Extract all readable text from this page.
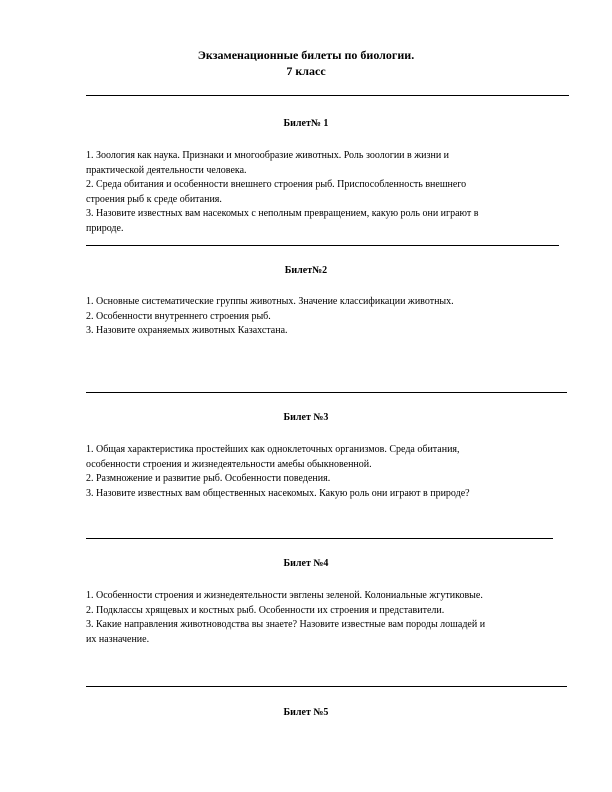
Экзаменационные билеты по биологии.
7 класс
Билет№ 1

1. Зоология как наука. Признаки и многообразие животных. Роль зоологии в жизни и

практической деятельности человека.

2. Среда обитания и особенности внешнего строения рыб. Приспособленность внешнего

строения рыб к среде обитания.

3. Назовите известных вам насекомых с неполным превращением, какую роль они играют в

природе.

Билет№2

1. Основные систематические группы животных. Значение классификации животных.

2. Особенности внутреннего строения рыб.

3. Назовите охраняемых животных Казахстана.

Билет №3

1. Общая характеристика простейших как одноклеточных организмов. Среда обитания,

особенности строения и жизнедеятельности амебы обыкновенной.

2. Размножение и развитие рыб. Особенности поведения.

3. Назовите известных вам общественных насекомых. Какую роль они играют в природе?

Билет №4

1. Особенности строения и жизнедеятельности эвглены зеленой. Колониальные жгутиковые.

2. Подклассы хрящевых и костных рыб. Особенности их строения и представители.

3. Какие направления животноводства вы знаете? Назовите известные вам породы лошадей и

их назначение.

Билет №5
